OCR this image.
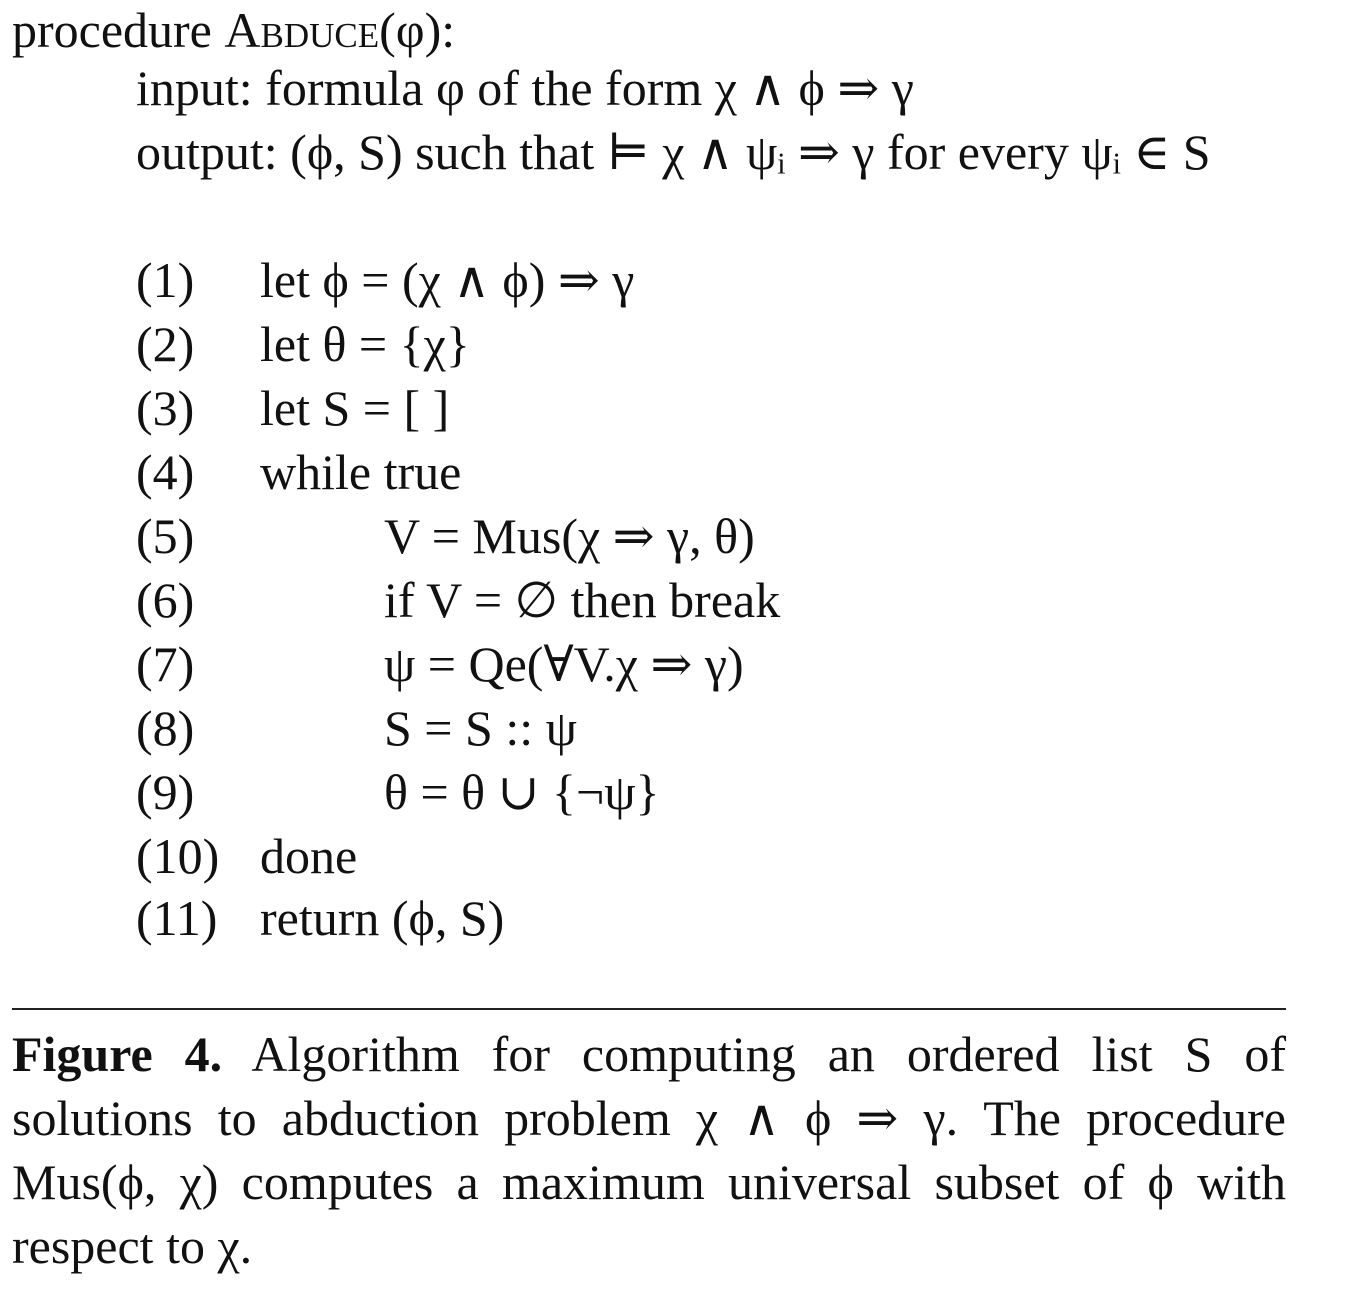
procedure Abduce(φ):
input: formula φ of the form χ ∧ ϕ ⇒ γ
output: (ϕ, S) such that ⊨ χ ∧ ψᵢ ⇒ γ for every ψᵢ ∈ S
(1) let ϕ = (χ ∧ ϕ) ⇒ γ
(2) let θ = {χ}
(3) let S = [ ]
(4) while true
(5)	V = Mus(χ ⇒ γ, θ)
(6)	if V = ∅ then break
(7)	ψ = Qe(∀V.χ ⇒ γ)
(8)	S = S :: ψ
(9)	θ = θ ∪ {¬ψ}
(10) done
(11) return (ϕ, S)
Figure 4. Algorithm for computing an ordered list S of solutions to abduction problem χ ∧ ϕ ⇒ γ. The procedure Mus(ϕ, χ) computes a maximum universal subset of ϕ with respect to χ.
